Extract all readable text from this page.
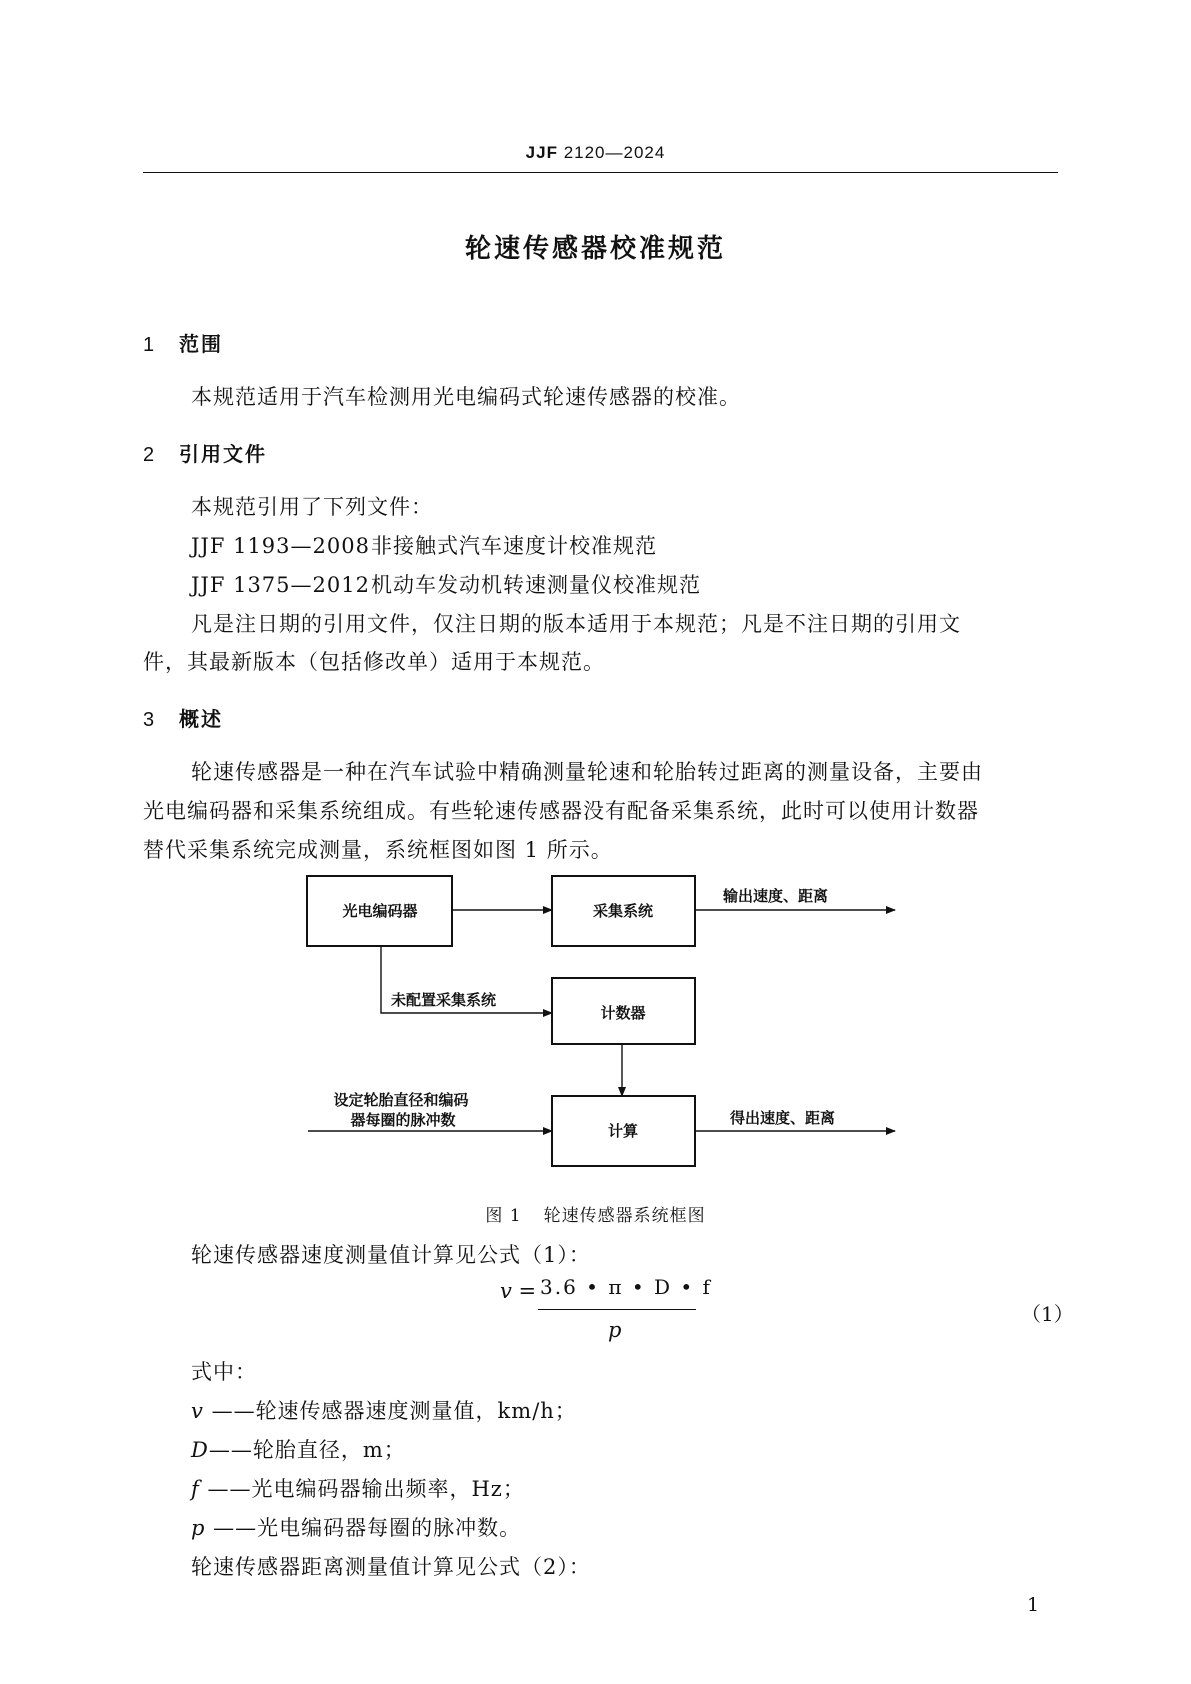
JJF 2120—2024
轮速传感器校准规范
1 范围
本规范适用于汽车检测用光电编码式轮速传感器的校准。
2 引用文件
本规范引用了下列文件：
JJF 1193—2008非接触式汽车速度计校准规范
JJF 1375—2012机动车发动机转速测量仪校准规范
凡是注日期的引用文件，仅注日期的版本适用于本规范；凡是不注日期的引用文
件，其最新版本（包括修改单）适用于本规范。
3 概述
轮速传感器是一种在汽车试验中精确测量轮速和轮胎转过距离的测量设备，主要由
光电编码器和采集系统组成。有些轮速传感器没有配备采集系统，此时可以使用计数器
替代采集系统完成测量，系统框图如图 1 所示。
光电编码器	采集系统
计数器
计算
输出速度、距离
未配置采集系统
设定轮胎直径和编码
器每圈的脉冲数	得出速度、距离
图 1 轮速传感器系统框图
轮速传感器速度测量值计算见公式（1）：
v = 3.6 • π • D • f
p
（1）
式中：
v ——轮速传感器速度测量值，km/h；
D——轮胎直径，m；
f ——光电编码器输出频率，Hz；
p ——光电编码器每圈的脉冲数。
轮速传感器距离测量值计算见公式（2）：
1
